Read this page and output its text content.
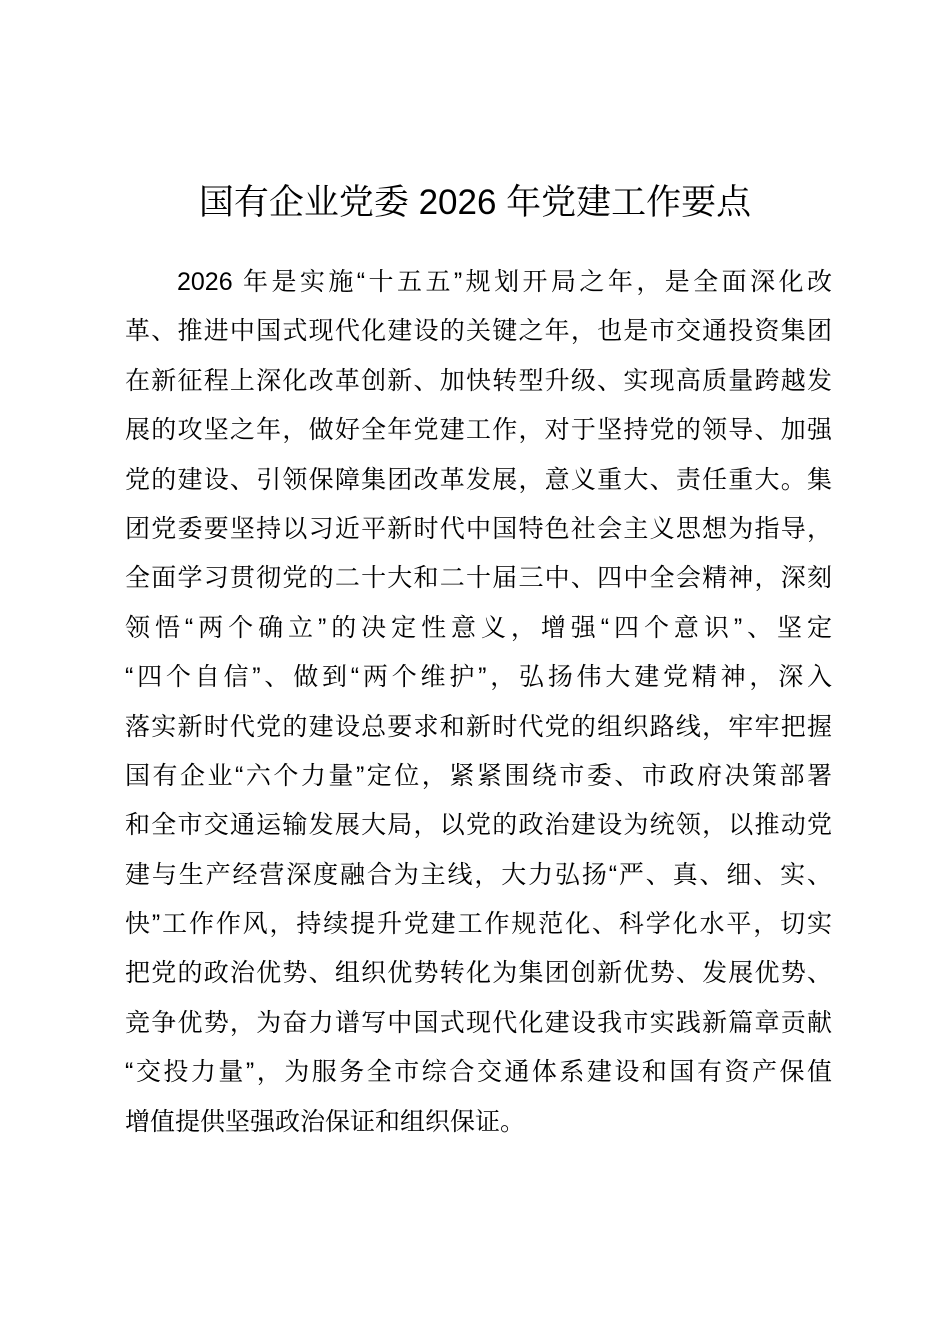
国有企业党委 2026 年党建工作要点
2026 年是实施“十五五”规划开局之年，是全面深化改
革、推进中国式现代化建设的关键之年，也是市交通投资集团
在新征程上深化改革创新、加快转型升级、实现高质量跨越发
展的攻坚之年，做好全年党建工作，对于坚持党的领导、加强
党的建设、引领保障集团改革发展，意义重大、责任重大。集
团党委要坚持以习近平新时代中国特色社会主义思想为指导，
全面学习贯彻党的二十大和二十届三中、四中全会精神，深刻
领悟“两个确立”的决定性意义，增强“四个意识”、坚定
“四个自信”、做到“两个维护”，弘扬伟大建党精神，深入
落实新时代党的建设总要求和新时代党的组织路线，牢牢把握
国有企业“六个力量”定位，紧紧围绕市委、市政府决策部署
和全市交通运输发展大局，以党的政治建设为统领，以推动党
建与生产经营深度融合为主线，大力弘扬“严、真、细、实、
快”工作作风，持续提升党建工作规范化、科学化水平，切实
把党的政治优势、组织优势转化为集团创新优势、发展优势、
竞争优势，为奋力谱写中国式现代化建设我市实践新篇章贡献
“交投力量”，为服务全市综合交通体系建设和国有资产保值
增值提供坚强政治保证和组织保证。
